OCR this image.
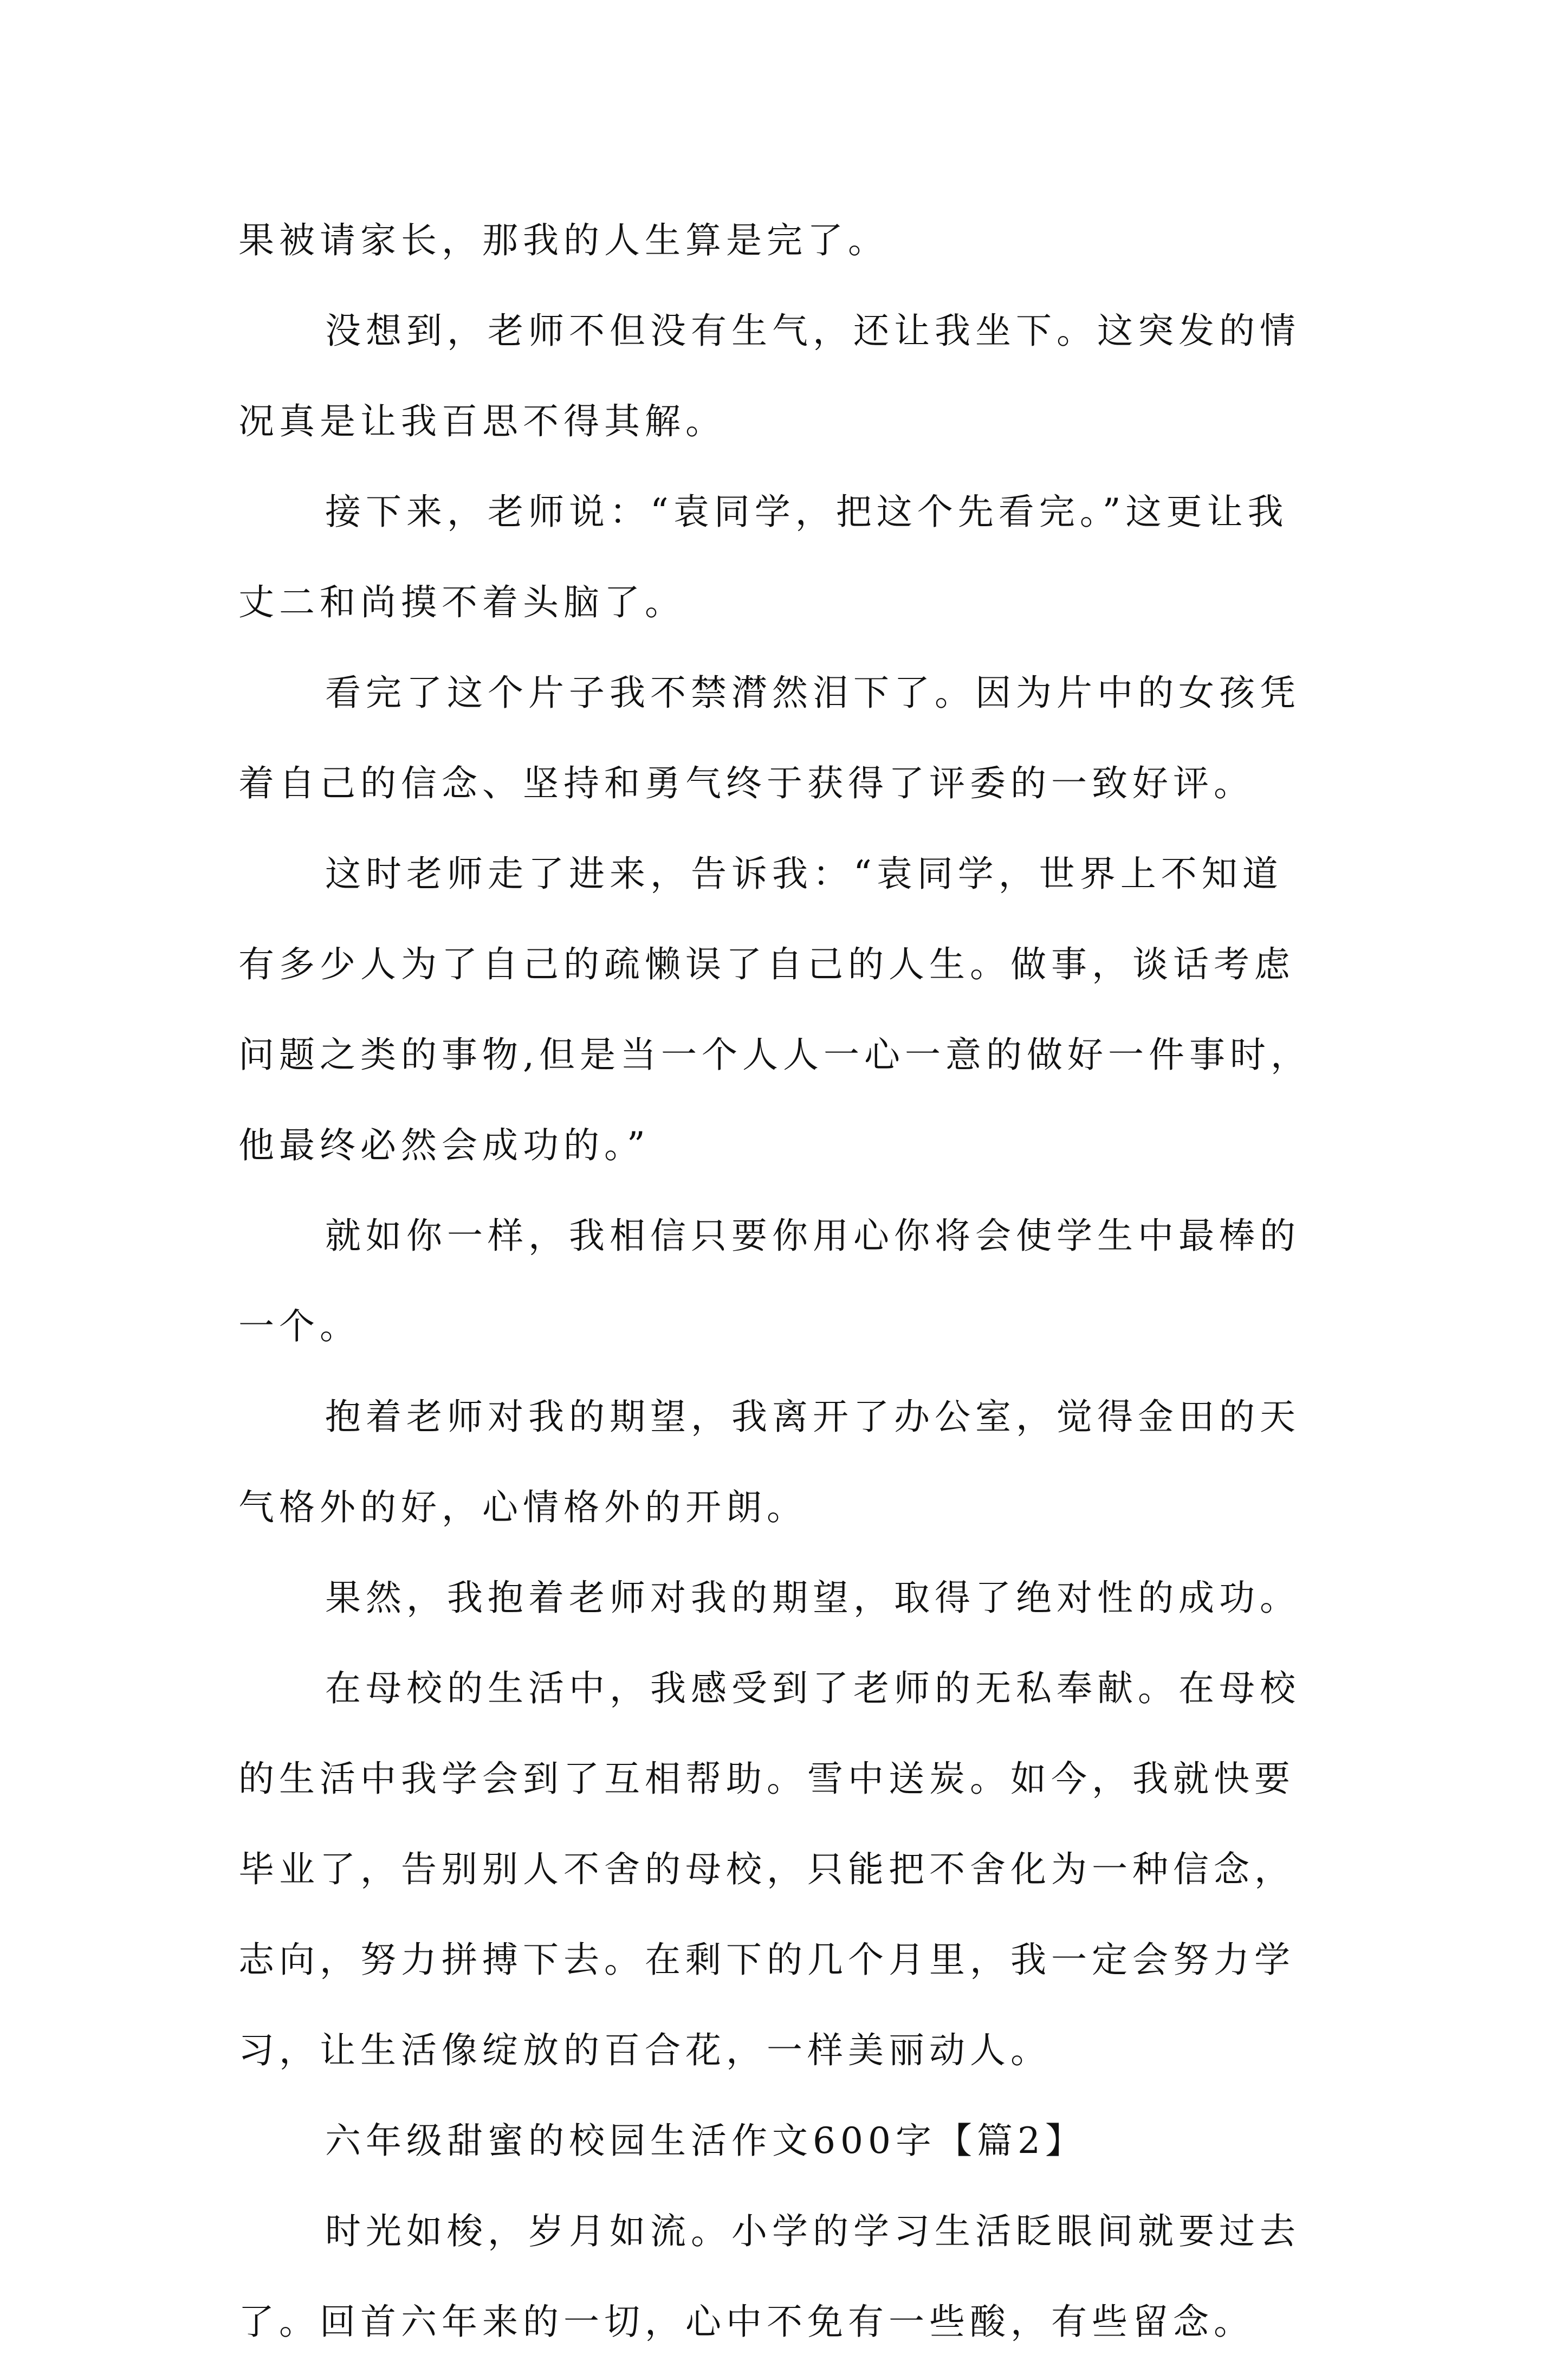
果被请家长，那我的人生算是完了。
没想到，老师不但没有生气，还让我坐下。这突发的情
况真是让我百思不得其解。
接下来，老师说：“袁同学，把这个先看完。”这更让我
丈二和尚摸不着头脑了。
看完了这个片子我不禁潸然泪下了。因为片中的女孩凭
着自己的信念、坚持和勇气终于获得了评委的一致好评。
这时老师走了进来，告诉我：“袁同学，世界上不知道
有多少人为了自己的疏懒误了自己的人生。做事，谈话考虑
问题之类的事物,但是当一个人人一心一意的做好一件事时，
他最终必然会成功的。”
就如你一样，我相信只要你用心你将会使学生中最棒的
一个。
抱着老师对我的期望，我离开了办公室，觉得金田的天
气格外的好，心情格外的开朗。
果然，我抱着老师对我的期望，取得了绝对性的成功。
在母校的生活中，我感受到了老师的无私奉献。在母校
的生活中我学会到了互相帮助。雪中送炭。如今，我就快要
毕业了，告别别人不舍的母校，只能把不舍化为一种信念，
志向，努力拼搏下去。在剩下的几个月里，我一定会努力学
习，让生活像绽放的百合花，一样美丽动人。
六年级甜蜜的校园生活作文600字【篇2】
时光如梭，岁月如流。小学的学习生活眨眼间就要过去
了。回首六年来的一切，心中不免有一些酸，有些留念。
